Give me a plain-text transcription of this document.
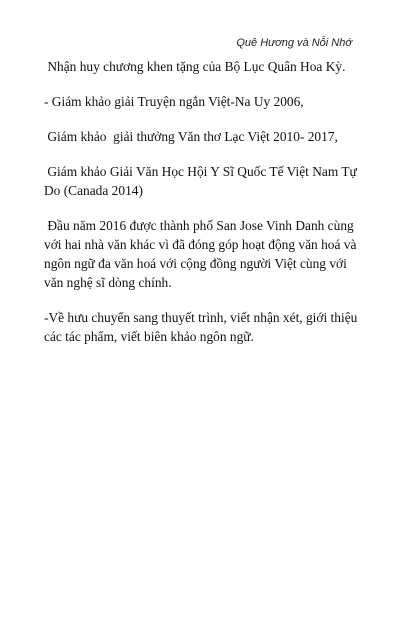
Quê Hương và Nỗi Nhớ

Nhận huy chương khen tặng của Bộ Lục Quân Hoa Kỳ.

- Giám khảo giải Truyện ngắn Việt-Na Uy 2006,

Giám khảo  giải thưởng Văn thơ Lạc Việt 2010- 2017,

Giám khảo Giải Văn Học Hội Y Sĩ Quốc Tế Việt Nam Tự Do (Canada 2014)

Đầu năm 2016 được thành phố San Jose Vinh Danh cùng với hai nhà văn khác vì đã đóng góp hoạt động văn hoá và ngôn ngữ đa văn hoá với cộng đồng người Việt cùng với văn nghệ sĩ dòng chính.

-Về hưu chuyển sang thuyết trình, viết nhận xét, giới thiệu các tác phẩm, viết biên khảo ngôn ngữ.
